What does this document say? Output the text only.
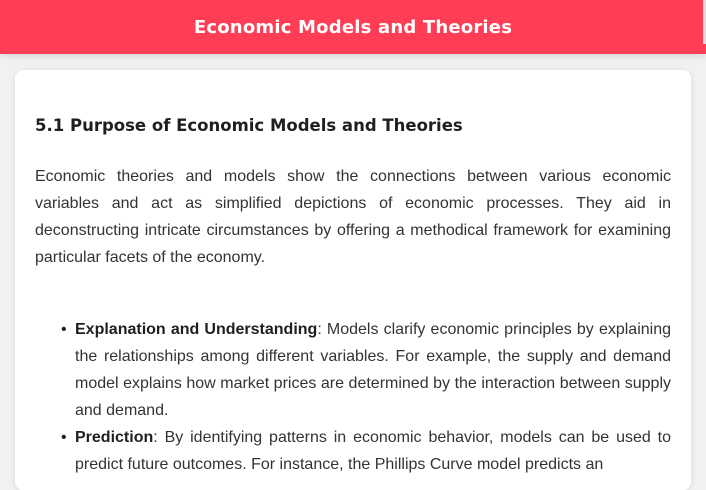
Economic Models and Theories
5.1 Purpose of Economic Models and Theories

Economic theories and models show the connections between various economic variables and act as simplified depictions of economic processes. They aid in deconstructing intricate circumstances by offering a methodical framework for examining particular facets of the economy.

• Explanation and Understanding: Models clarify economic principles by explaining the relationships among different variables. For example, the supply and demand model explains how market prices are determined by the interaction between supply and demand.
• Prediction: By identifying patterns in economic behavior, models can be used to predict future outcomes. For instance, the Phillips Curve model predicts an
